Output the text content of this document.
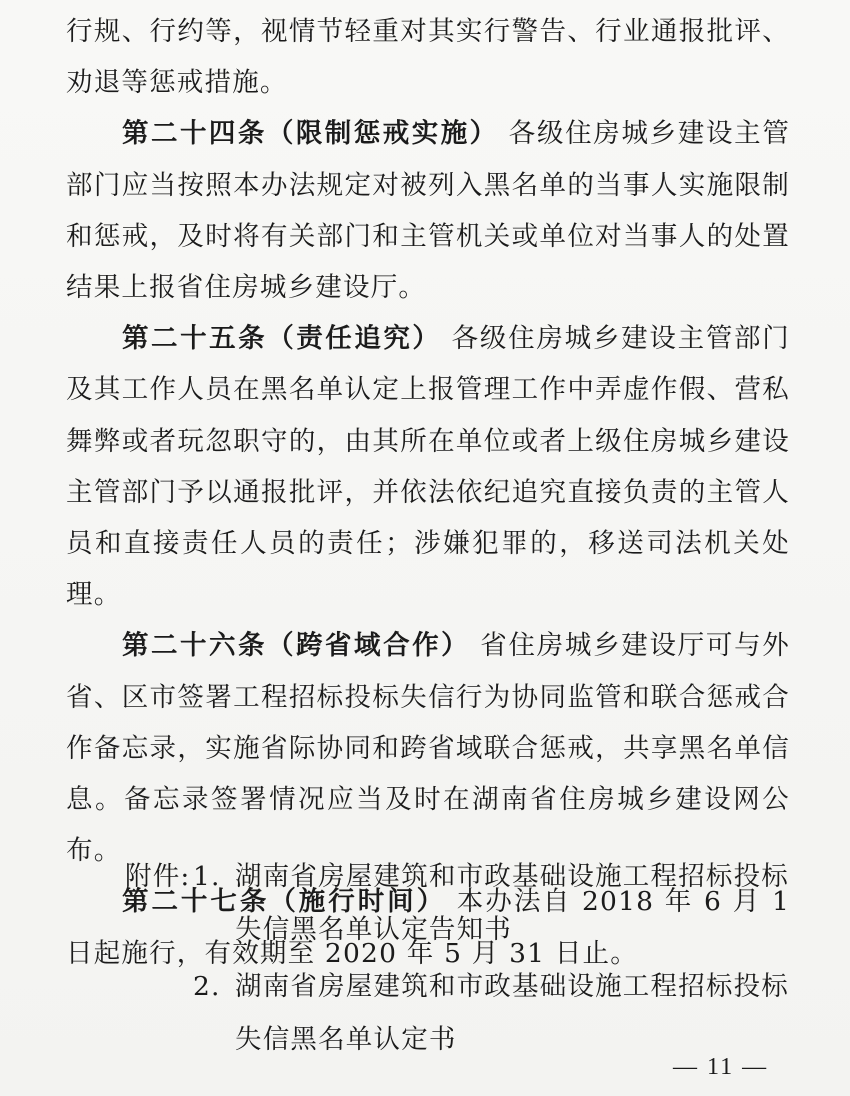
行规、行约等，视情节轻重对其实行警告、行业通报批评、劝退等惩戒措施。

第二十四条（限制惩戒实施） 各级住房城乡建设主管部门应当按照本办法规定对被列入黑名单的当事人实施限制和惩戒，及时将有关部门和主管机关或单位对当事人的处置结果上报省住房城乡建设厅。

第二十五条（责任追究） 各级住房城乡建设主管部门及其工作人员在黑名单认定上报管理工作中弄虚作假、营私舞弊或者玩忽职守的，由其所在单位或者上级住房城乡建设主管部门予以通报批评，并依法依纪追究直接负责的主管人员和直接责任人员的责任；涉嫌犯罪的，移送司法机关处理。

第二十六条（跨省域合作） 省住房城乡建设厅可与外省、区市签署工程招标投标失信行为协同监管和联合惩戒合作备忘录，实施省际协同和跨省域联合惩戒，共享黑名单信息。备忘录签署情况应当及时在湖南省住房城乡建设网公布。

第二十七条（施行时间） 本办法自 2018 年 6 月 1 日起施行，有效期至 2020 年 5 月 31 日止。

附件: 1. 湖南省房屋建筑和市政基础设施工程招标投标失信黑名单认定告知书
2. 湖南省房屋建筑和市政基础设施工程招标投标失信黑名单认定书
— 11 —
